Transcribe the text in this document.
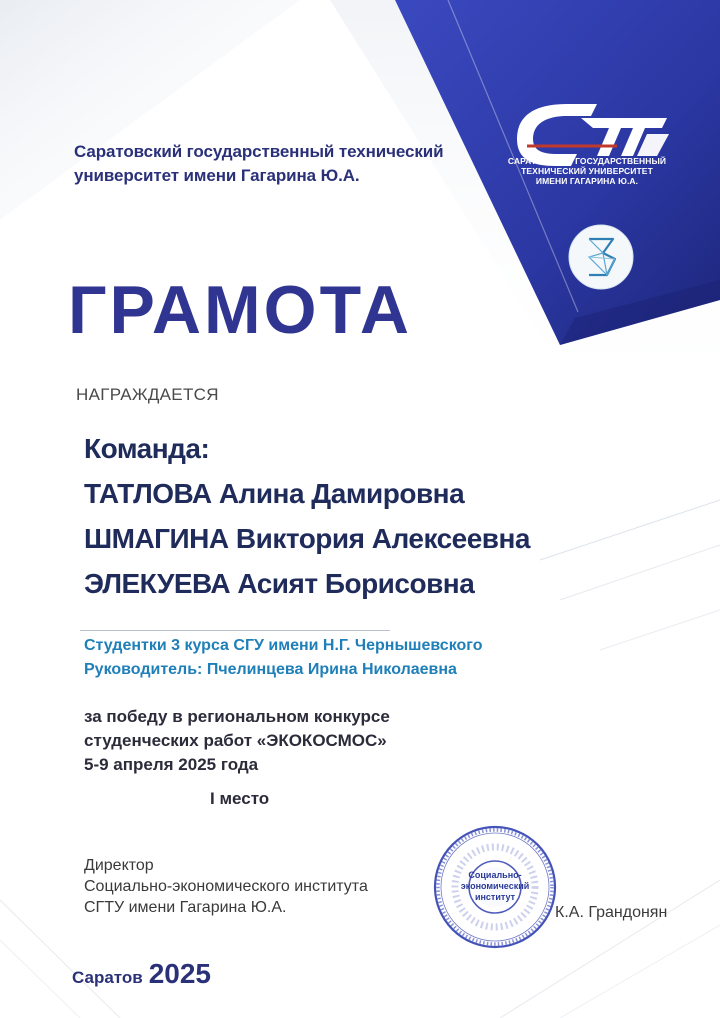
САРАТОВСКИЙ ГОСУДАРСТВЕННЫЙ
ТЕХНИЧЕСКИЙ УНИВЕРСИТЕТ
ИМЕНИ ГАГАРИНА Ю.А.
Саратовский государственный технический
университет имени Гагарина Ю.А.
ГРАМОТА
НАГРАЖДАЕТСЯ
Команда:
ТАТЛОВА Алина Дамировна
ШМАГИНА Виктория Алексеевна
ЭЛЕКУЕВА Асият Борисовна
Студентки 3 курса СГУ имени Н.Г. Чернышевского
Руководитель: Пчелинцева Ирина Николаевна
за победу в региональном конкурсе
студенческих работ «ЭКОКОСМОС»
5-9 апреля 2025 года
I место
Директор
Социально-экономического института
СГТУ имени Гагарина Ю.А.	К.А. Грандонян
Социально-
экономический
институт
Саратов 2025
